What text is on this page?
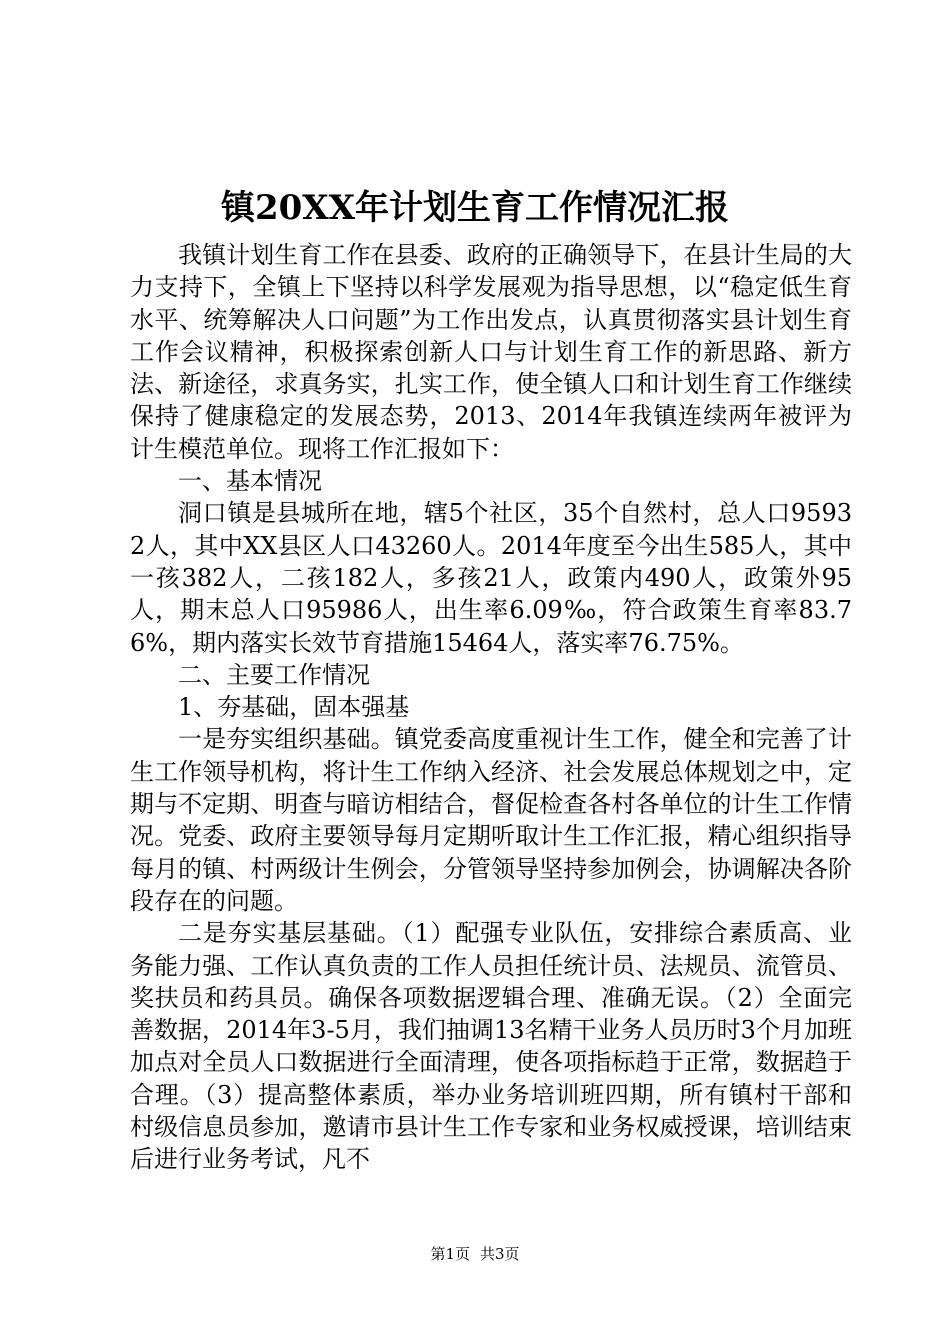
镇20XX年计划生育工作情况汇报

我镇计划生育工作在县委、政府的正确领导下，在县计生局的大力支持下，全镇上下坚持以科学发展观为指导思想，以“稳定低生育水平、统筹解决人口问题”为工作出发点，认真贯彻落实县计划生育工作会议精神，积极探索创新人口与计划生育工作的新思路、新方法、新途径，求真务实，扎实工作，使全镇人口和计划生育工作继续保持了健康稳定的发展态势，2013、2014年我镇连续两年被评为计生模范单位。现将工作汇报如下：

一、基本情况

洞口镇是县城所在地，辖5个社区，35个自然村，总人口95932人，其中XX县区人口43260人。2014年度至今出生585人，其中一孩382人，二孩182人，多孩21人，政策内490人，政策外95人，期末总人口95986人，出生率6.09‰，符合政策生育率83.76%，期内落实长效节育措施15464人，落实率76.75%。

二、主要工作情况

1、夯基础，固本强基

一是夯实组织基础。镇党委高度重视计生工作，健全和完善了计生工作领导机构，将计生工作纳入经济、社会发展总体规划之中，定期与不定期、明查与暗访相结合，督促检查各村各单位的计生工作情况。党委、政府主要领导每月定期听取计生工作汇报，精心组织指导每月的镇、村两级计生例会，分管领导坚持参加例会，协调解决各阶段存在的问题。

二是夯实基层基础。（1）配强专业队伍，安排综合素质高、业务能力强、工作认真负责的工作人员担任统计员、法规员、流管员、奖扶员和药具员。确保各项数据逻辑合理、准确无误。（2）全面完善数据，2014年3-5月，我们抽调13名精干业务人员历时3个月加班加点对全员人口数据进行全面清理，使各项指标趋于正常，数据趋于合理。（3）提高整体素质，举办业务培训班四期，所有镇村干部和村级信息员参加，邀请市县计生工作专家和业务权威授课，培训结束后进行业务考试，凡不

第1页 共3页
